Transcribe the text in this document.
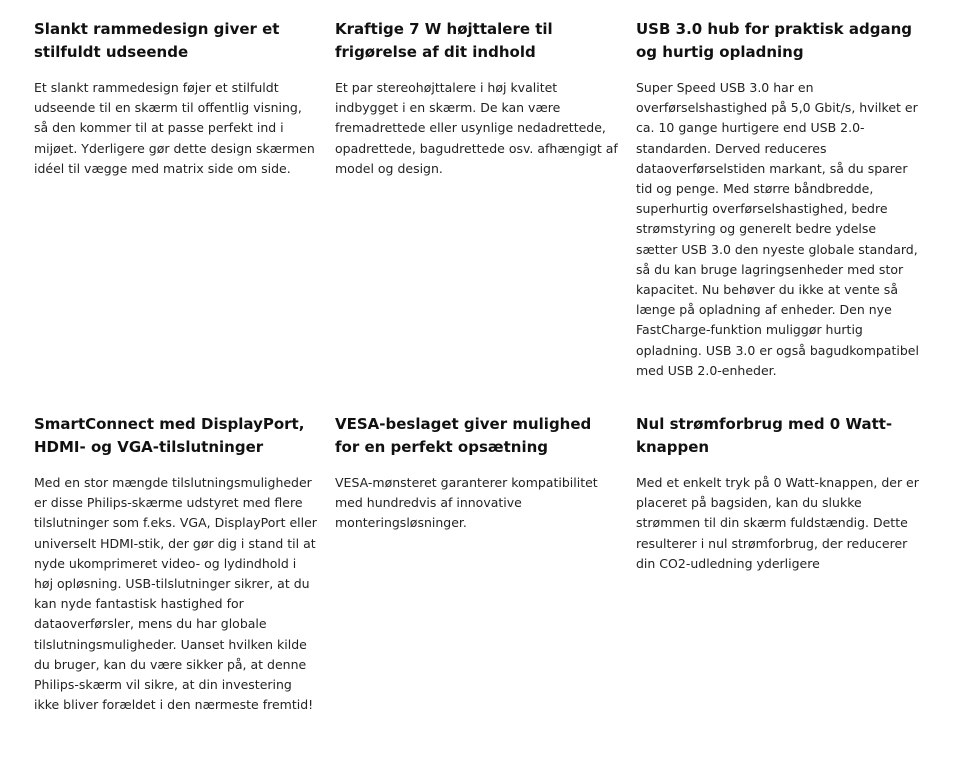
Slankt rammedesign giver et stilfuldt udseende

Et slankt rammedesign føjer et stilfuldt udseende til en skærm til offentlig visning, så den kommer til at passe perfekt ind i mijøet. Yderligere gør dette design skærmen idéel til vægge med matrix side om side.

Kraftige 7 W højttalere til frigørelse af dit indhold

Et par stereohøjttalere i høj kvalitet indbygget i en skærm. De kan være fremadrettede eller usynlige nedadrettede, opadrettede, bagudrettede osv. afhængigt af model og design.

USB 3.0 hub for praktisk adgang og hurtig opladning

Super Speed USB 3.0 har en overførselshastighed på 5,0 Gbit/s, hvilket er ca. 10 gange hurtigere end USB 2.0-standarden. Derved reduceres dataoverførselstiden markant, så du sparer tid og penge. Med større båndbredde, superhurtig overførselshastighed, bedre strømstyring og generelt bedre ydelse sætter USB 3.0 den nyeste globale standard, så du kan bruge lagringsenheder med stor kapacitet. Nu behøver du ikke at vente så længe på opladning af enheder. Den nye FastCharge-funktion muliggør hurtig opladning. USB 3.0 er også bagudkompatibel med USB 2.0-enheder.

SmartConnect med DisplayPort, HDMI- og VGA-tilslutninger

Med en stor mængde tilslutningsmuligheder er disse Philips-skærme udstyret med flere tilslutninger som f.eks. VGA, DisplayPort eller universelt HDMI-stik, der gør dig i stand til at nyde ukomprimeret video- og lydindhold i høj opløsning. USB-tilslutninger sikrer, at du kan nyde fantastisk hastighed for dataoverførsler, mens du har globale tilslutningsmuligheder. Uanset hvilken kilde du bruger, kan du være sikker på, at denne Philips-skærm vil sikre, at din investering ikke bliver forældet i den nærmeste fremtid!

VESA-beslaget giver mulighed for en perfekt opsætning

VESA-mønsteret garanterer kompatibilitet med hundredvis af innovative monteringsløsninger.

Nul strømforbrug med 0 Watt-knappen

Med et enkelt tryk på 0 Watt-knappen, der er placeret på bagsiden, kan du slukke strømmen til din skærm fuldstændig. Dette resulterer i nul strømforbrug, der reducerer din CO2-udledning yderligere
